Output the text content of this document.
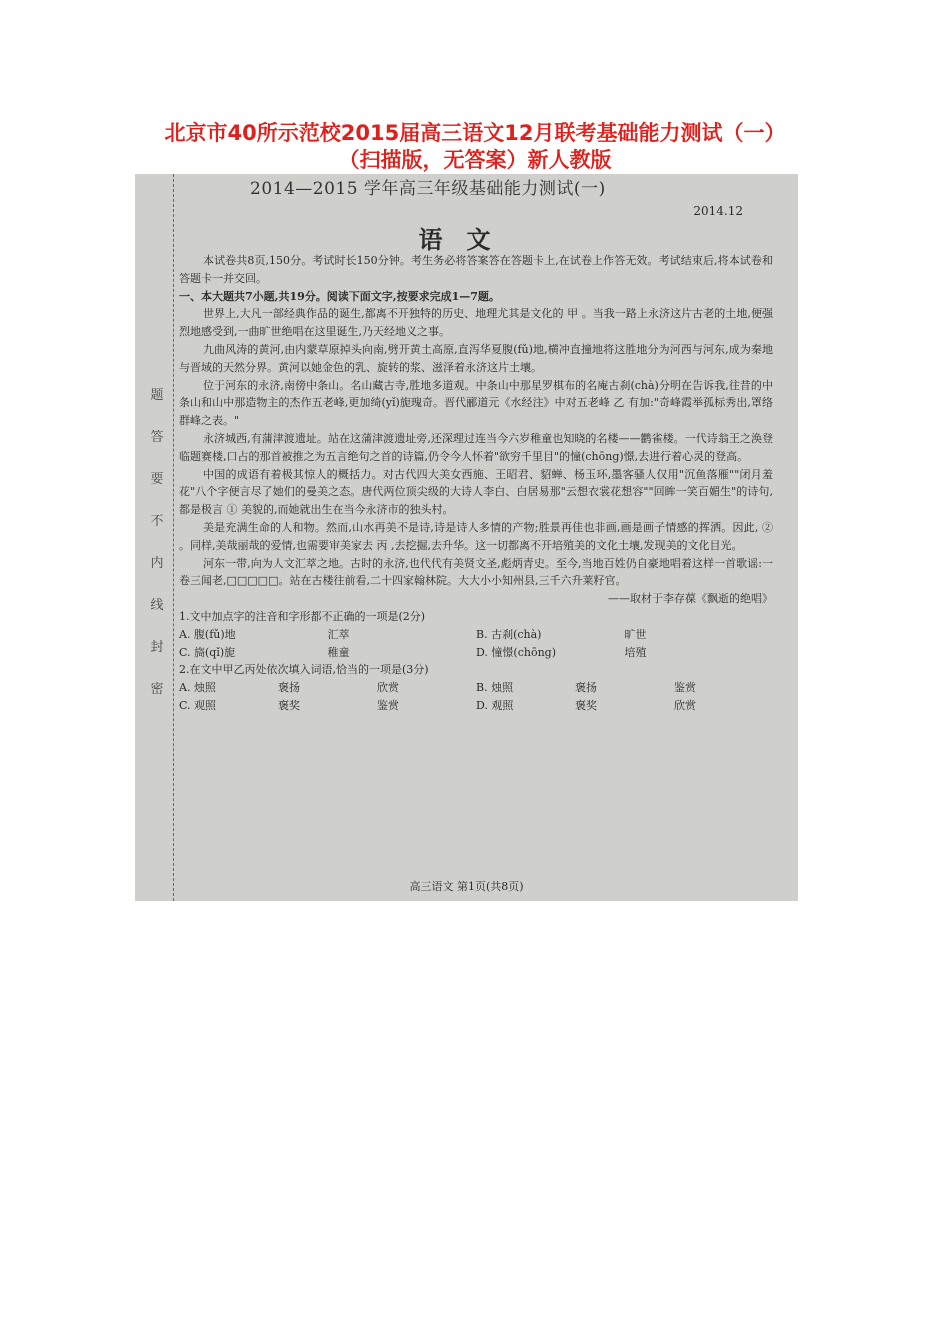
北京市40所示范校2015届高三语文12月联考基础能力测试（一）
（扫描版，无答案）新人教版
2014—2015 学年高三年级基础能力测试(一)
2014.12
语文
题
答
要
不
内
线
封
密

本试卷共8页,150分。考试时长150分钟。考生务必将答案答在答题卡上,在试卷上作答无效。考试结束后,将本试卷和答题卡一并交回。

一、本大题共7小题,共19分。阅读下面文字,按要求完成1—7题。

世界上,大凡一部经典作品的诞生,都离不开独特的历史、地理尤其是文化的 甲 。当我一路上永济这片古老的土地,便强烈地感受到,一曲旷世绝唱在这里诞生,乃天经地义之事。

九曲风涛的黄河,由内蒙草原掉头向南,劈开黄土高原,直泻华夏腹(fǔ)地,横冲直撞地将这胜地分为河西与河东,成为秦地与晋域的天然分界。黄河以她金色的乳、旋转的浆、滋泽着永济这片土壤。

位于河东的永济,南傍中条山。名山藏古寺,胜地多道观。中条山中那星罗棋布的名庵古刹(chà)分明在告诉我,往昔的中条山和山中那造物主的杰作五老峰,更加绮(yǐ)旎瑰奇。晋代郦道元《水经注》中对五老峰 乙 有加:"奇峰霞举孤标秀出,罩络群峰之表。"

永济城西,有蒲津渡遗址。站在这蒲津渡遗址旁,还深理过连当今六岁稚童也知晓的名楼——鹳雀楼。一代诗翁王之涣登临题赛楼,口占的那首被推之为五言绝句之首的诗篇,仍令今人怀着"欲穷千里目"的憧(chōng)憬,去进行着心灵的登高。

中国的成语有着极其惊人的概括力。对古代四大美女西施、王昭君、貂蝉、杨玉环,墨客骚人仅用"沉鱼落雁""闭月羞花"八个字便言尽了她们的曼美之态。唐代两位顶尖级的大诗人李白、白居易那"云想衣裳花想容""回眸一笑百媚生"的诗句,都是极言 ① 美貌的,而她就出生在当今永济市的独头村。

美是充满生命的人和物。然而,山水再美不是诗,诗是诗人多情的产物;胜景再佳也非画,画是画子情感的挥洒。因此, ② 。同样,美哉丽哉的爱情,也需要审美家去 丙 ,去挖掘,去升华。这一切都离不开培殖美的文化土壤,发现美的文化目光。

河东一带,向为人文汇萃之地。古时的永济,也代代有美贤文圣,彪炳青史。至今,当地百姓仍自豪地唱着这样一首歌谣:一卷三闻老,□□□□□。站在古楼往前看,二十四家翰林院。大大小小知州县,三千六升莱籽官。

——取材于李存葆《飘逝的绝唱》

1.文中加点字的注音和字形都不正确的一项是(2分)

A. 腹(fǔ)地	汇萃	B. 古刹(chà)	旷世
C. 旖(qǐ)旎	稚童	D. 憧憬(chōng)	培殖

2.在文中甲乙丙处依次填入词语,恰当的一项是(3分)

A. 烛照	褒扬	欣赏	B. 烛照	褒扬	鉴赏
C. 观照	褒奖	鉴赏	D. 观照	褒奖	欣赏
高三语文 第1页(共8页)
